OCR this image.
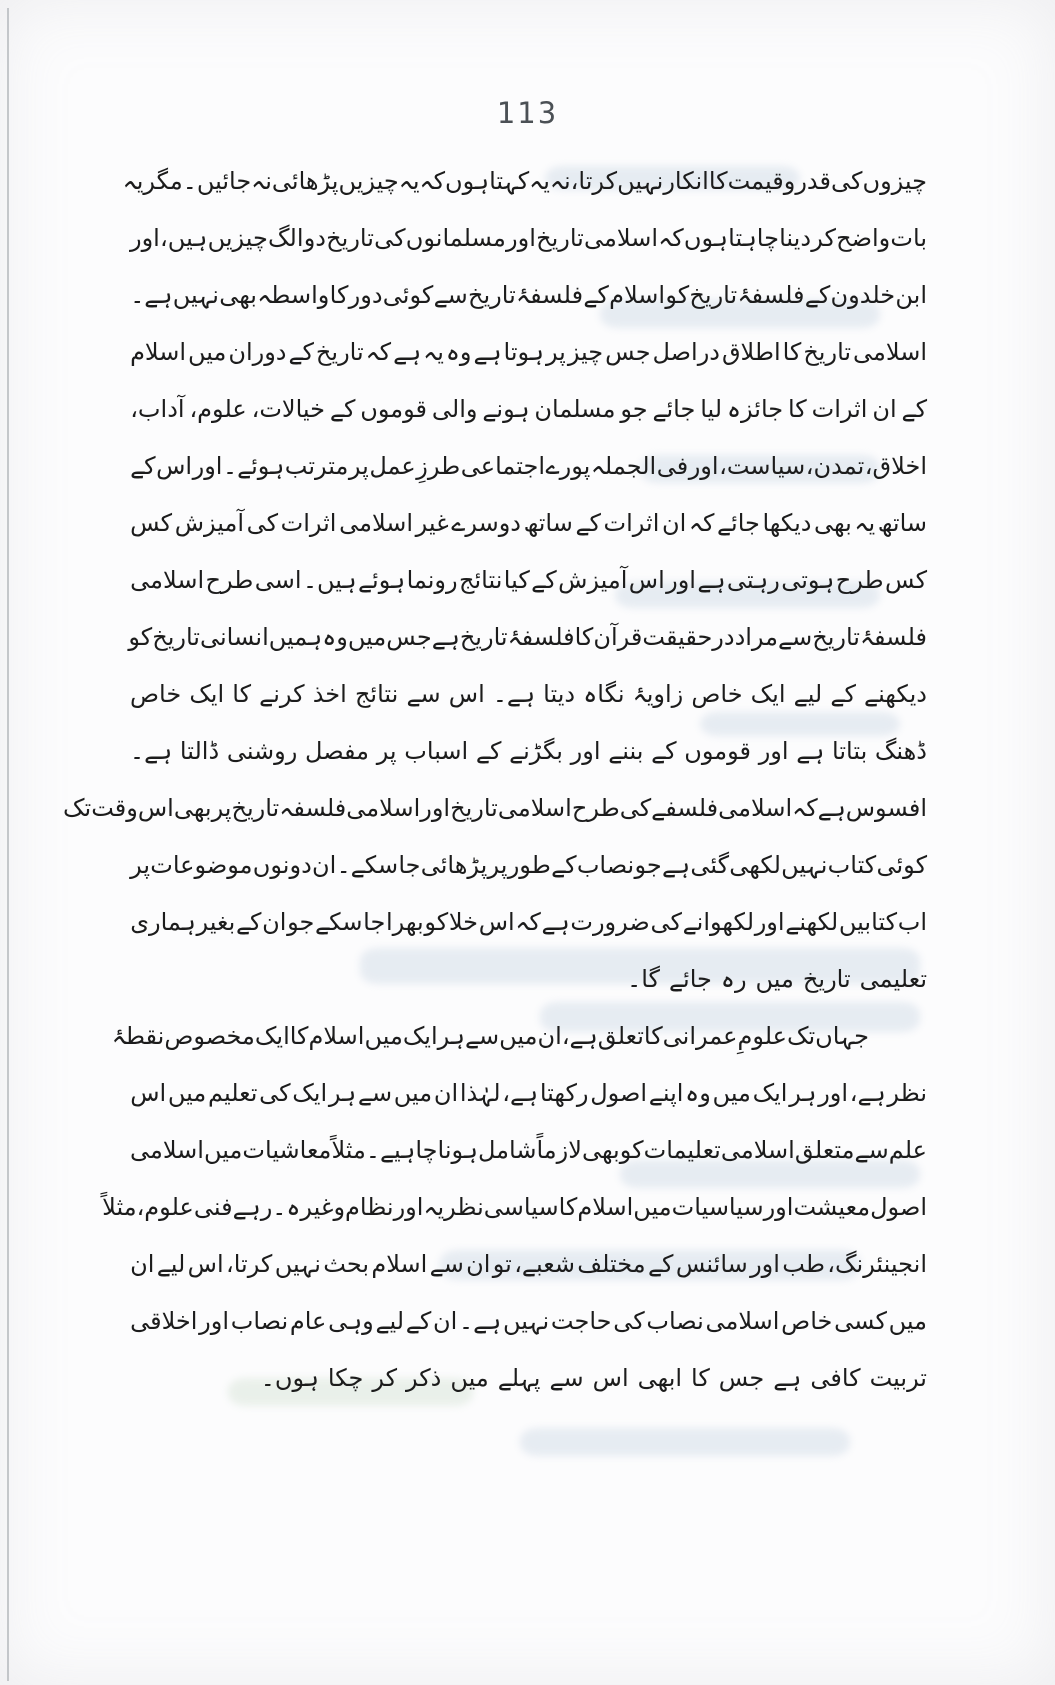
113
چیزوں
کی
قدر
و
قیمت
کا
انکار
نہیں
کرتا،
نہ
یہ
کہتا
ہوں
کہ
یہ
چیزیں
پڑھائی
نہ
جائیں۔
مگر
یہ
بات
واضح
کر
دینا
چاہتا
ہوں
کہ
اسلامی
تاریخ
اور
مسلمانوں
کی
تاریخ
دو
الگ
چیزیں
ہیں،
اور
ابن
خلدون
کے
فلسفۂ
تاریخ
کو
اسلام
کے
فلسفۂ
تاریخ
سے
کوئی
دور
کا
واسطہ
بھی
نہیں
ہے۔
اسلامی
تاریخ
کا
اطلاق
دراصل
جس
چیز
پر
ہوتا
ہے
وہ
یہ
ہے
کہ
تاریخ
کے
دوران
میں
اسلام
کے
ان
اثرات
کا
جائزہ
لیا
جائے
جو
مسلمان
ہونے
والی
قوموں
کے
خیالات،
علوم،
آداب،
اخلاق،
تمدن،
سیاست،
اور
فی
الجملہ
پورے
اجتماعی
طرزِ
عمل
پر
مترتب
ہوئے۔
اور
اس
کے
ساتھ
یہ
بھی
دیکھا
جائے
کہ
ان
اثرات
کے
ساتھ
دوسرے
غیر
اسلامی
اثرات
کی
آمیزش
کس
کس
طرح
ہوتی
رہتی
ہے
اور
اس
آمیزش
کے
کیا
نتائج
رونما
ہوئے
ہیں۔
اسی
طرح
اسلامی
فلسفۂ
تاریخ
سے
مراد
درحقیقت
قرآن
کا
فلسفۂ
تاریخ
ہے
جس
میں
وہ
ہمیں
انسانی
تاریخ
کو
دیکھنے
کے
لیے
ایک
خاص
زاویۂ
نگاہ
دیتا
ہے۔
اس
سے
نتائج
اخذ
کرنے
کا
ایک
خاص
ڈھنگ
بتاتا
ہے
اور
قوموں
کے
بننے
اور
بگڑنے
کے
اسباب
پر
مفصل
روشنی
ڈالتا
ہے۔
افسوس
ہے
کہ
اسلامی
فلسفے
کی
طرح
اسلامی
تاریخ
اور
اسلامی
فلسفہ
تاریخ
پر
بھی
اس
وقت
تک
کوئی
کتاب
نہیں
لکھی
گئی
ہے
جو
نصاب
کے
طور
پر
پڑھائی
جا
سکے۔
ان
دونوں
موضوعات
پر
اب
کتابیں
لکھنے
اور
لکھوانے
کی
ضرورت
ہے
کہ
اس
خلا
کو
بھرا
جا
سکے
جو
ان
کے
بغیر
ہماری
تعلیمی
تاریخ
میں
رہ
جائے
گا۔
جہاں
تک
علومِ
عمرانی
کا
تعلق
ہے،
ان
میں
سے
ہر
ایک
میں
اسلام
کا
ایک
مخصوص
نقطۂ
نظر
ہے،
اور
ہر
ایک
میں
وہ
اپنے
اصول
رکھتا
ہے،
لہٰذا
ان
میں
سے
ہر
ایک
کی
تعلیم
میں
اس
علم
سے
متعلق
اسلامی
تعلیمات
کو
بھی
لازماً
شامل
ہونا
چاہیے۔
مثلاً
معاشیات
میں
اسلامی
اصول
معیشت
اور
سیاسیات
میں
اسلام
کا
سیاسی
نظریہ
اور
نظام
وغیرہ۔
رہے
فنی
علوم،
مثلاً
انجینئرنگ،
طب
اور
سائنس
کے
مختلف
شعبے،
تو
ان
سے
اسلام
بحث
نہیں
کرتا،
اس
لیے
ان
میں
کسی
خاص
اسلامی
نصاب
کی
حاجت
نہیں
ہے۔
ان
کے
لیے
وہی
عام
نصاب
اور
اخلاقی
تربیت
کافی
ہے
جس
کا
ابھی
اس
سے
پہلے
میں
ذکر
کر
چکا
ہوں۔
